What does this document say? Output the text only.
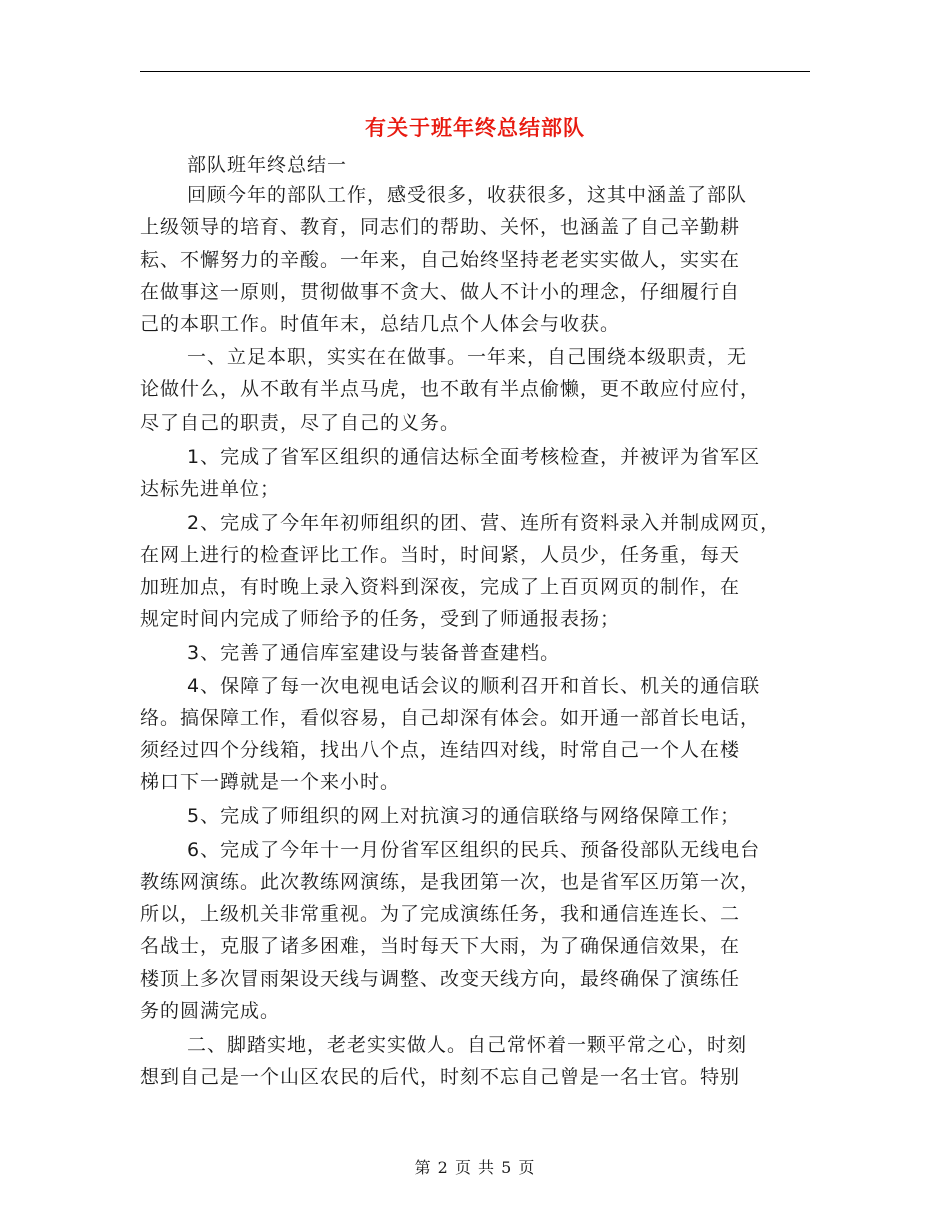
有关于班年终总结部队
部队班年终总结一
回顾今年的部队工作，感受很多，收获很多，这其中涵盖了部队
上级领导的培育、教育，同志们的帮助、关怀，也涵盖了自己辛勤耕
耘、不懈努力的辛酸。一年来，自己始终坚持老老实实做人，实实在
在做事这一原则，贯彻做事不贪大、做人不计小的理念，仔细履行自
己的本职工作。时值年末，总结几点个人体会与收获。
一、立足本职，实实在在做事。一年来，自己围绕本级职责，无
论做什么，从不敢有半点马虎，也不敢有半点偷懒，更不敢应付应付，
尽了自己的职责，尽了自己的义务。
1、完成了省军区组织的通信达标全面考核检查，并被评为省军区
达标先进单位；
2、完成了今年年初师组织的团、营、连所有资料录入并制成网页，
在网上进行的检查评比工作。当时，时间紧，人员少，任务重，每天
加班加点，有时晚上录入资料到深夜，完成了上百页网页的制作，在
规定时间内完成了师给予的任务，受到了师通报表扬；
3、完善了通信库室建设与装备普查建档。
4、保障了每一次电视电话会议的顺利召开和首长、机关的通信联
络。搞保障工作，看似容易，自己却深有体会。如开通一部首长电话，
须经过四个分线箱，找出八个点，连结四对线，时常自己一个人在楼
梯口下一蹲就是一个来小时。
5、完成了师组织的网上对抗演习的通信联络与网络保障工作；
6、完成了今年十一月份省军区组织的民兵、预备役部队无线电台
教练网演练。此次教练网演练，是我团第一次，也是省军区历第一次，
所以，上级机关非常重视。为了完成演练任务，我和通信连连长、二
名战士，克服了诸多困难，当时每天下大雨，为了确保通信效果，在
楼顶上多次冒雨架设天线与调整、改变天线方向，最终确保了演练任
务的圆满完成。
二、脚踏实地，老老实实做人。自己常怀着一颗平常之心，时刻
想到自己是一个山区农民的后代，时刻不忘自己曾是一名士官。特别
第 2 页 共 5 页
